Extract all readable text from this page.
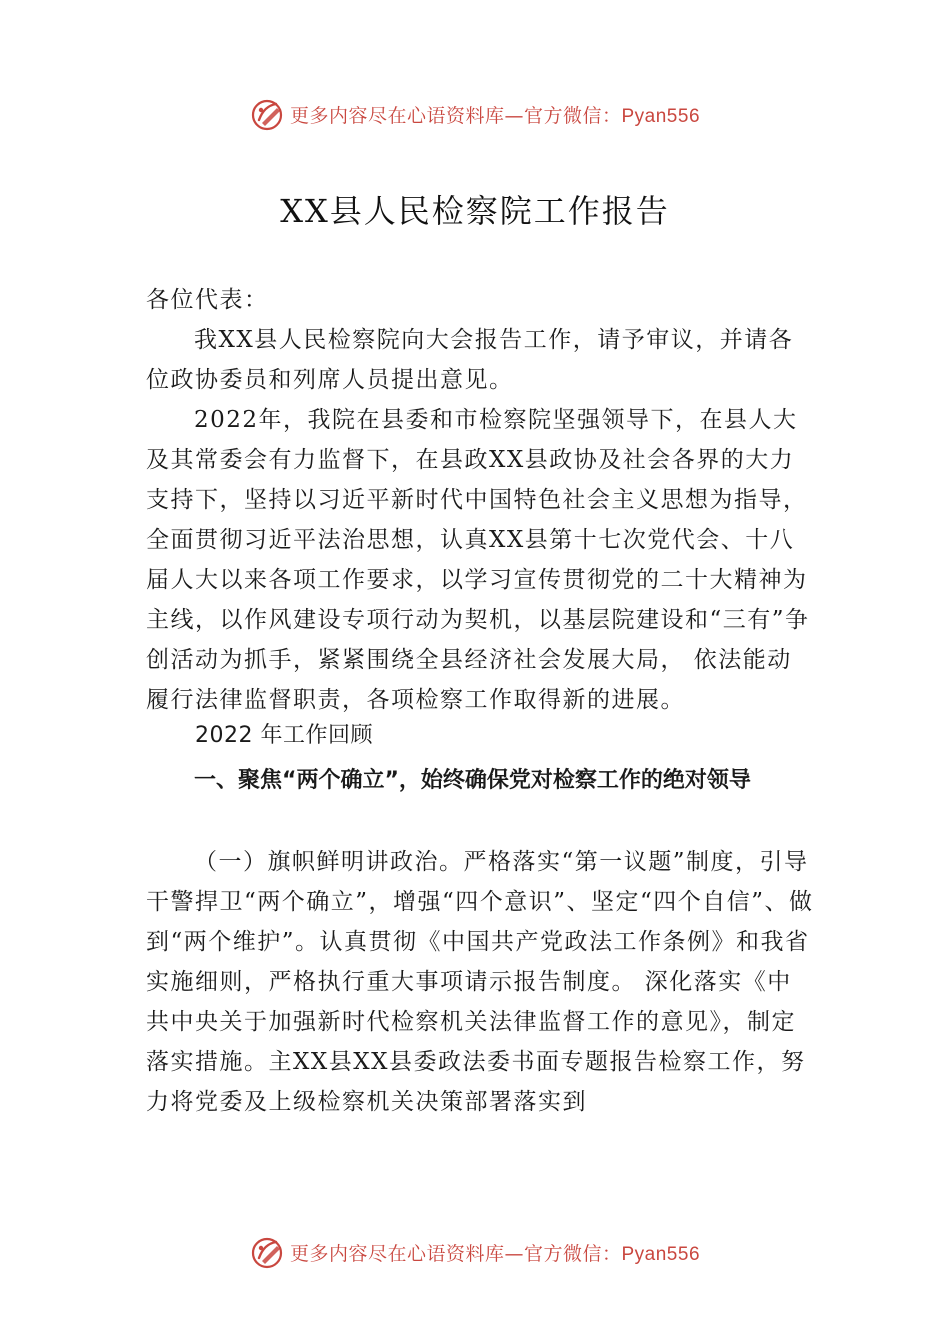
更多内容尽在心语资料库—官方微信：Pyan556
XX县人民检察院工作报告

各位代表：

我XX县人民检察院向大会报告工作，请予审议，并请各位政协委员和列席人员提出意见。

2022年，我院在县委和市检察院坚强领导下，在县人大及其常委会有力监督下，在县政XX县政协及社会各界的大力支持下，坚持以习近平新时代中国特色社会主义思想为指导，全面贯彻习近平法治思想，认真XX县第十七次党代会、十八届人大以来各项工作要求，以学习宣传贯彻党的二十大精神为主线，以作风建设专项行动为契机，以基层院建设和“三有”争创活动为抓手，紧紧围绕全县经济社会发展大局， 依法能动履行法律监督职责，各项检察工作取得新的进展。

2022 年工作回顾

一、聚焦“两个确立”，始终确保党对检察工作的绝对领导

（一）旗帜鲜明讲政治。严格落实“第一议题”制度，引导干警捍卫“两个确立”，增强“四个意识”、坚定“四个自信”、做到“两个维护”。认真贯彻《中国共产党政法工作条例》和我省实施细则，严格执行重大事项请示报告制度。 深化落实《中共中央关于加强新时代检察机关法律监督工作的意见》，制定落实措施。主XX县XX县委政法委书面专题报告检察工作，努力将党委及上级检察机关决策部署落实到

更多内容尽在心语资料库—官方微信：Pyan556
